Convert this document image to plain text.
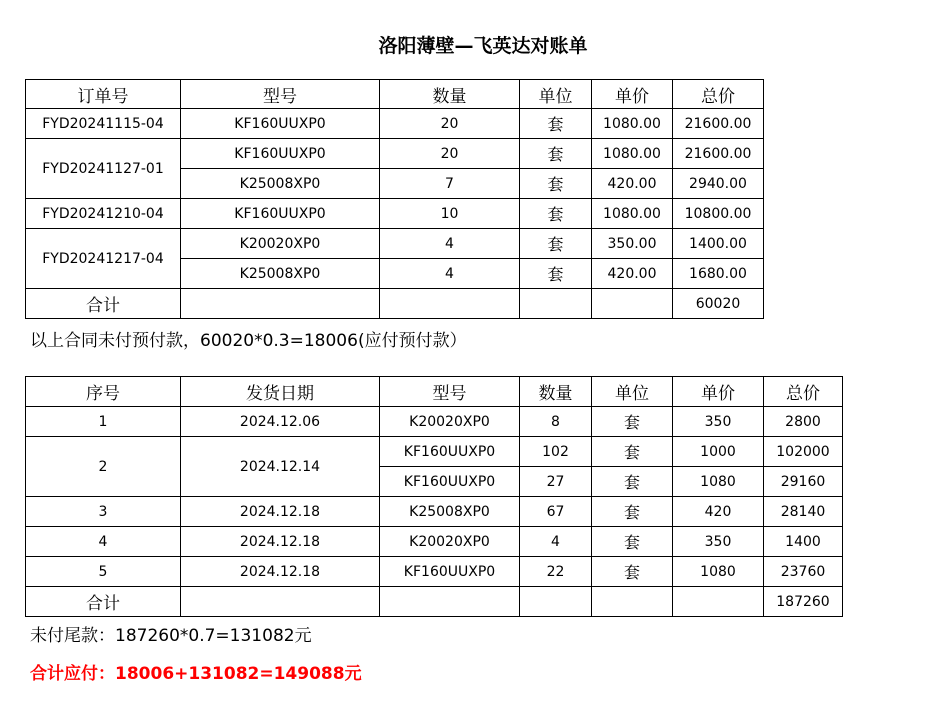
洛阳薄壁—飞英达对账单
订单号	型号	数量	单位	单价	总价
FYD20241115-04	KF160UUXP0	20	套	1080.00	21600.00
FYD20241127-01	KF160UUXP0	20	套	1080.00	21600.00
	K25008XP0	7	套	420.00	2940.00
FYD20241210-04	KF160UUXP0	10	套	1080.00	10800.00
FYD20241217-04	K20020XP0	4	套	350.00	1400.00
	K25008XP0	4	套	420.00	1680.00
合计					60020
以上合同未付预付款，60020*0.3=18006(应付预付款）
序号	发货日期	型号	数量	单位	单价	总价
1	2024.12.06	K20020XP0	8	套	350	2800
2	2024.12.14	KF160UUXP0	102	套	1000	102000
		KF160UUXP0	27	套	1080	29160
3	2024.12.18	K25008XP0	67	套	420	28140
4	2024.12.18	K20020XP0	4	套	350	1400
5	2024.12.18	KF160UUXP0	22	套	1080	23760
合计						187260
未付尾款：187260*0.7=131082元
合计应付：18006+131082=149088元
